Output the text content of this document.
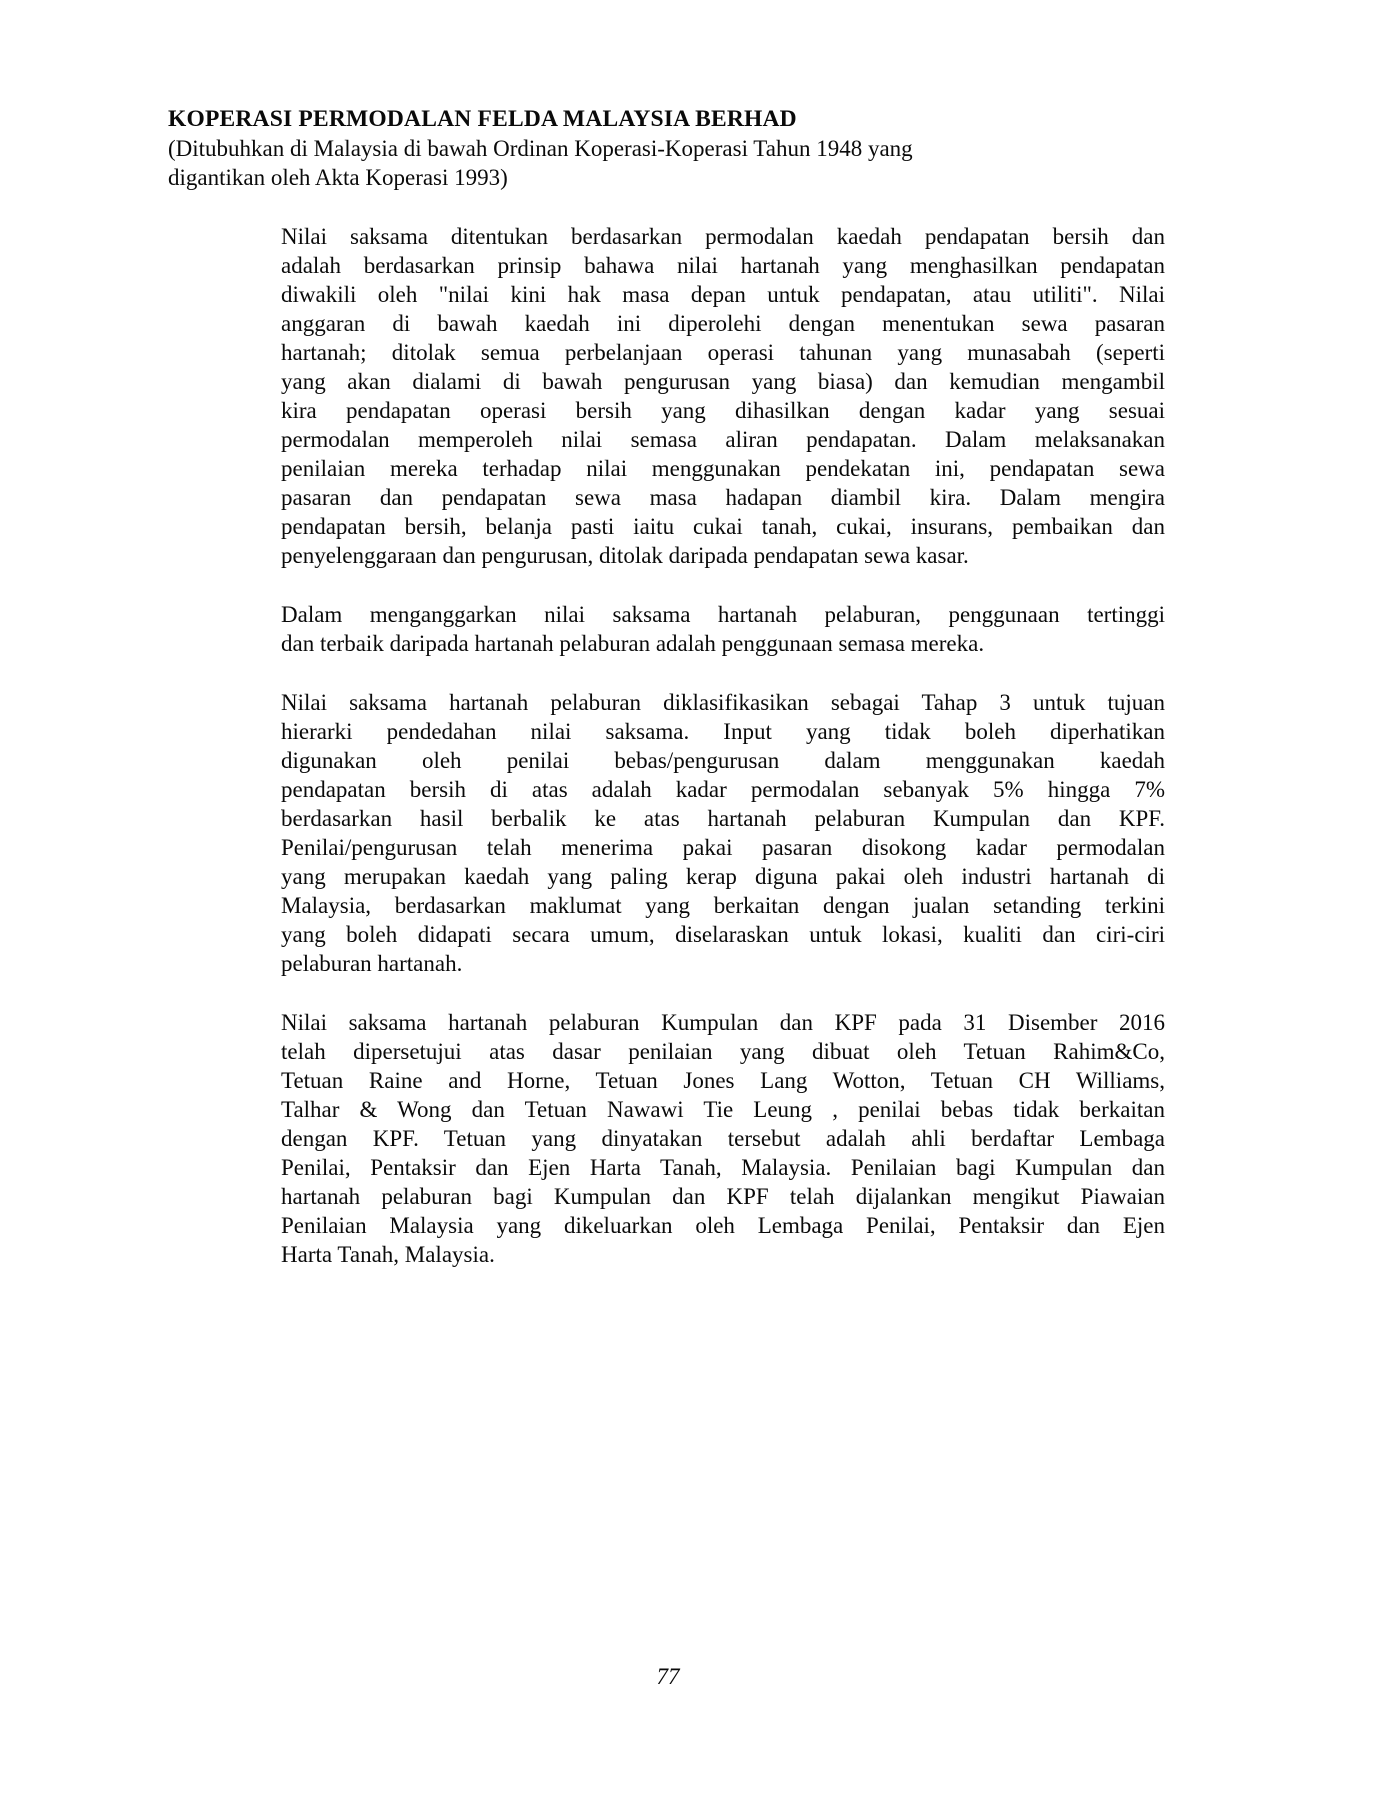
KOPERASI PERMODALAN FELDA MALAYSIA BERHAD
(Ditubuhkan di Malaysia di bawah Ordinan Koperasi-Koperasi Tahun 1948 yang
digantikan oleh Akta Koperasi 1993)
Nilai saksama ditentukan berdasarkan permodalan kaedah pendapatan bersih dan
adalah berdasarkan prinsip bahawa nilai hartanah yang menghasilkan pendapatan
diwakili oleh "nilai kini hak masa depan untuk pendapatan, atau utiliti". Nilai
anggaran di bawah kaedah ini diperolehi dengan menentukan sewa pasaran
hartanah; ditolak semua perbelanjaan operasi tahunan yang munasabah (seperti
yang akan dialami di bawah pengurusan yang biasa) dan kemudian mengambil
kira pendapatan operasi bersih yang dihasilkan dengan kadar yang sesuai
permodalan memperoleh nilai semasa aliran pendapatan. Dalam melaksanakan
penilaian mereka terhadap nilai menggunakan pendekatan ini, pendapatan sewa
pasaran dan pendapatan sewa masa hadapan diambil kira. Dalam mengira
pendapatan bersih, belanja pasti iaitu cukai tanah, cukai, insurans, pembaikan dan
penyelenggaraan dan pengurusan, ditolak daripada pendapatan sewa kasar.
Dalam menganggarkan nilai saksama hartanah pelaburan, penggunaan tertinggi
dan terbaik daripada hartanah pelaburan adalah penggunaan semasa mereka.
Nilai saksama hartanah pelaburan diklasifikasikan sebagai Tahap 3 untuk tujuan
hierarki pendedahan nilai saksama. Input yang tidak boleh diperhatikan
digunakan oleh penilai bebas/pengurusan dalam menggunakan kaedah
pendapatan bersih di atas adalah kadar permodalan sebanyak 5% hingga 7%
berdasarkan hasil berbalik ke atas hartanah pelaburan Kumpulan dan KPF.
Penilai/pengurusan telah menerima pakai pasaran disokong kadar permodalan
yang merupakan kaedah yang paling kerap diguna pakai oleh industri hartanah di
Malaysia, berdasarkan maklumat yang berkaitan dengan jualan setanding terkini
yang boleh didapati secara umum, diselaraskan untuk lokasi, kualiti dan ciri-ciri
pelaburan hartanah.
Nilai saksama hartanah pelaburan Kumpulan dan KPF pada 31 Disember 2016
telah dipersetujui atas dasar penilaian yang dibuat oleh Tetuan Rahim&Co,
Tetuan Raine and Horne, Tetuan Jones Lang Wotton, Tetuan CH Williams,
Talhar & Wong dan Tetuan Nawawi Tie Leung , penilai bebas tidak berkaitan
dengan KPF. Tetuan yang dinyatakan tersebut adalah ahli berdaftar Lembaga
Penilai, Pentaksir dan Ejen Harta Tanah, Malaysia. Penilaian bagi Kumpulan dan
hartanah pelaburan bagi Kumpulan dan KPF telah dijalankan mengikut Piawaian
Penilaian Malaysia yang dikeluarkan oleh Lembaga Penilai, Pentaksir dan Ejen
Harta Tanah, Malaysia.
77
